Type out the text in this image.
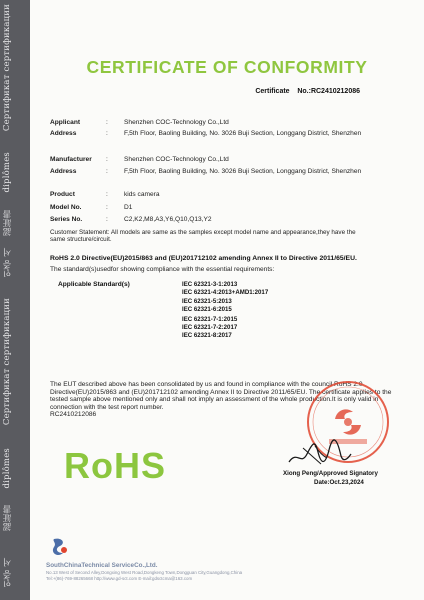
Сертификат сертификации
diplômes
認証書
인증 서
Сертификат сертификации
diplômes
認証書
인증 서
CERTIFICATE OF CONFORMITY
Certificate No.:RC2410212086
Applicant	: Shenzhen COC-Technology Co.,Ltd
Address	: F,5th Floor, Baoling Building, No. 3026 Buji Section, Longgang District, Shenzhen
Manufacturer : Shenzhen COC-Technology Co.,Ltd
Address	: F,5th Floor, Baoling Building, No. 3026 Buji Section, Longgang District, Shenzhen
Product	: kids camera
Model No.	: D1
Series No.	: C2,K2,M8,A3,Y6,Q10,Q13,Y2
Customer Statement: All models are same as the samples except model name and appearance,they have the same structure/circuit.
RoHS 2.0 Directive(EU)2015/863 and (EU)201712102 amending Annex II to Directive 2011/65/EU.
The standard(s)usedfor showing compliance with the essential requirements:
Applicable Standard(s)	IEC 62321-3-1:2013
IEC 62321-4:2013+AMD1:2017
IEC 62321-5:2013
IEC 62321-6:2015
IEC 62321-7-1:2015
IEC 62321-7-2:2017
IEC 62321-8:2017
The EUT described above has been consolidated by us and found in compliance with the council RoHS 2.0 Directive(EU)2015/863 and (EU)201712102 amending Annex II to Directive 2011/65/EU. The certificate applies to the tested sample above mentioned only and shall not imply an assessment of the whole production.It is only valid in connection with the test report number.
RC2410212086
RoHS	Xiong Peng/Approved Signatory
Date:Oct.23,2024
SouthChinaTechnical ServiceCo.,Ltd.
No.13 West of Second Alley,Dongxing West Road,Dongkeng Town,Dongguan City,Guangdong,China
Tel:+(86)-769-88265668 http://www.gd-sct.com E-mail:gdsctcma@163.com
